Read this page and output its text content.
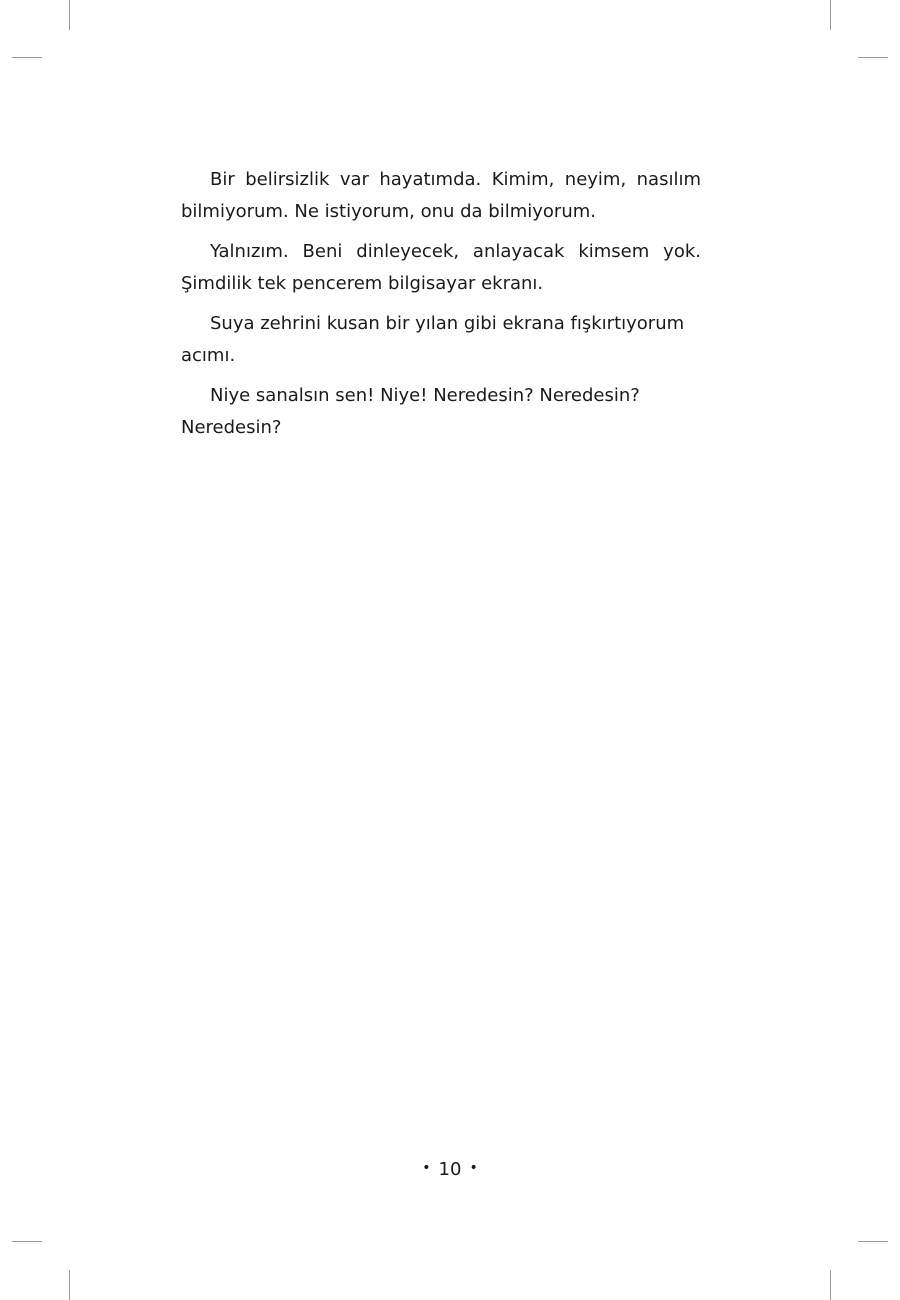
Bir belirsizlik var hayatımda. Kimim, neyim, nasılım bilmiyorum. Ne istiyorum, onu da bilmiyorum.

Yalnızım. Beni dinleyecek, anlayacak kimsem yok. Şimdilik tek pencerem bilgisayar ekranı.

Suya zehrini kusan bir yılan gibi ekrana fışkırtıyorum acımı.

Niye sanalsın sen! Niye! Neredesin? Neredesin? Neredesin?

• 10 •
